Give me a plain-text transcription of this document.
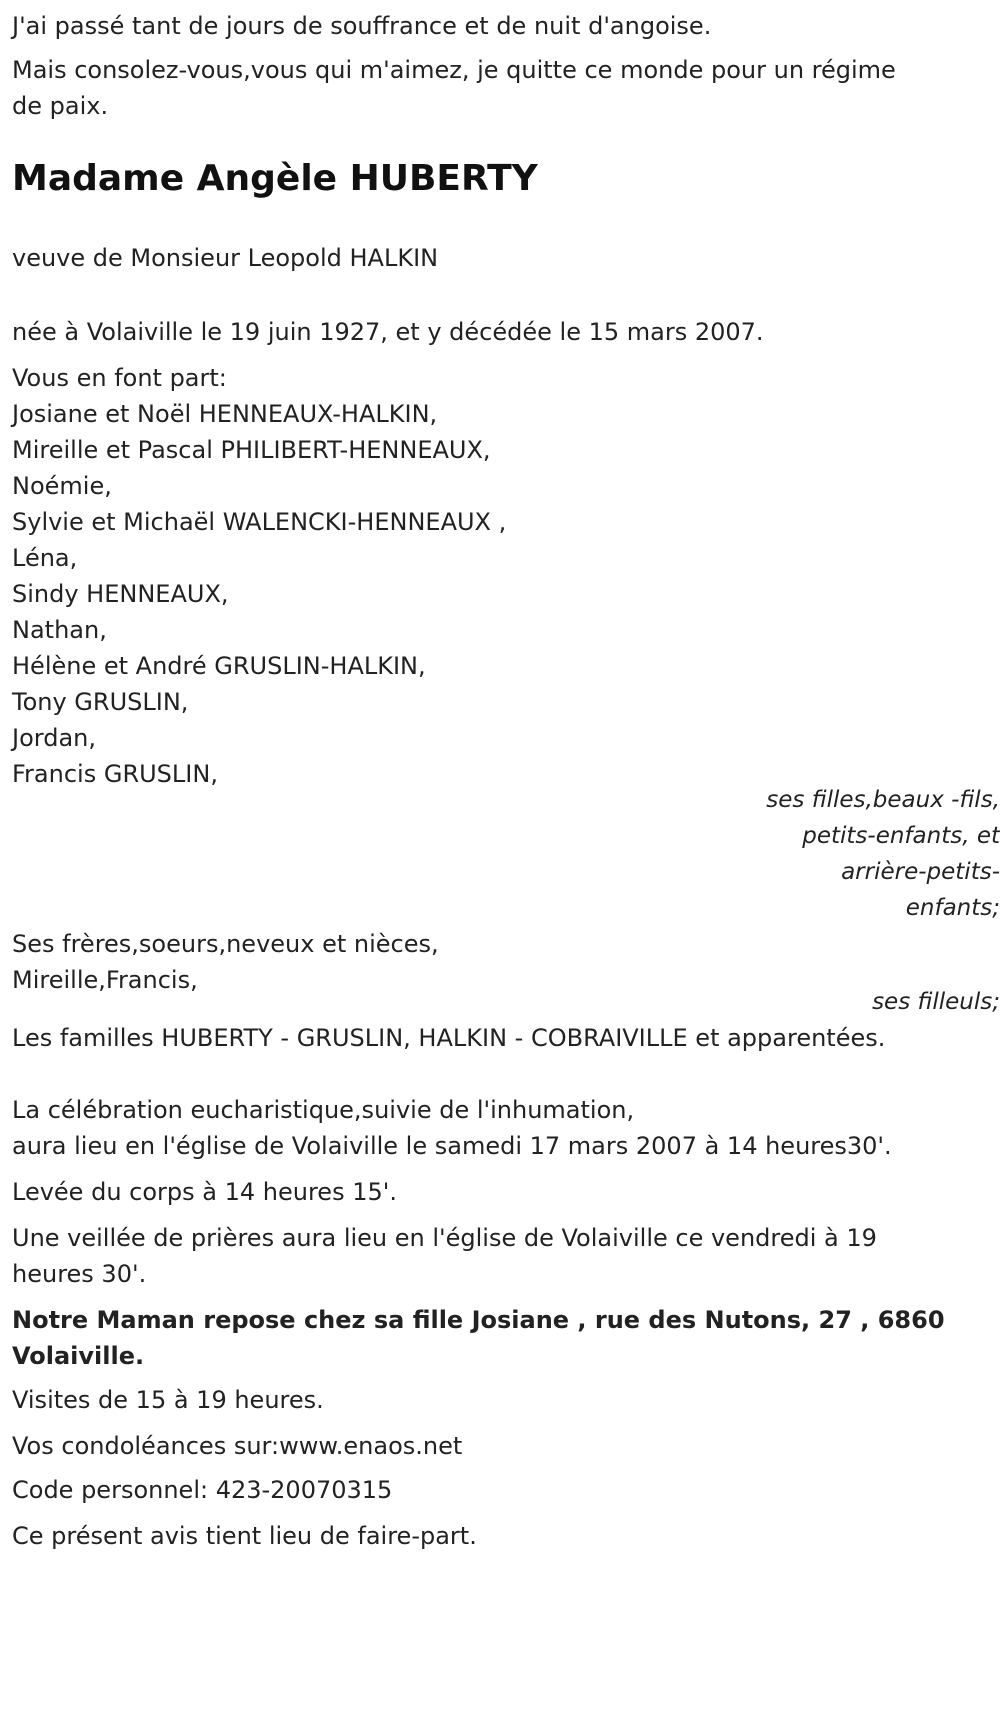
J'ai passé tant de jours de souffrance et de nuit d'angoise.

Mais consolez-vous,vous qui m'aimez, je quitte ce monde pour un régime

de paix.

Madame Angèle HUBERTY

veuve de Monsieur Leopold HALKIN

née à Volaiville le 19 juin 1927, et y décédée le 15 mars 2007.

Vous en font part:

Josiane et Noël HENNEAUX-HALKIN,

Mireille et Pascal PHILIBERT-HENNEAUX,

Noémie,

Sylvie et Michaël WALENCKI-HENNEAUX ,

Léna,

Sindy HENNEAUX,

Nathan,

Hélène et André GRUSLIN-HALKIN,

Tony GRUSLIN,

Jordan,

Francis GRUSLIN,

ses filles,beaux -fils,

petits-enfants, et

arrière-petits-

enfants;

Ses frères,soeurs,neveux et nièces,

Mireille,Francis,

ses filleuls;

Les familles HUBERTY - GRUSLIN, HALKIN - COBRAIVILLE et apparentées.

La célébration eucharistique,suivie de l'inhumation,

aura lieu en l'église de Volaiville le samedi 17 mars 2007 à 14 heures30'.

Levée du corps à 14 heures 15'.

Une veillée de prières aura lieu en l'église de Volaiville ce vendredi à 19

heures 30'.

Notre Maman repose chez sa fille Josiane , rue des Nutons, 27 , 6860

Volaiville.

Visites de 15 à 19 heures.

Vos condoléances sur:www.enaos.net

Code personnel: 423-20070315

Ce présent avis tient lieu de faire-part.
